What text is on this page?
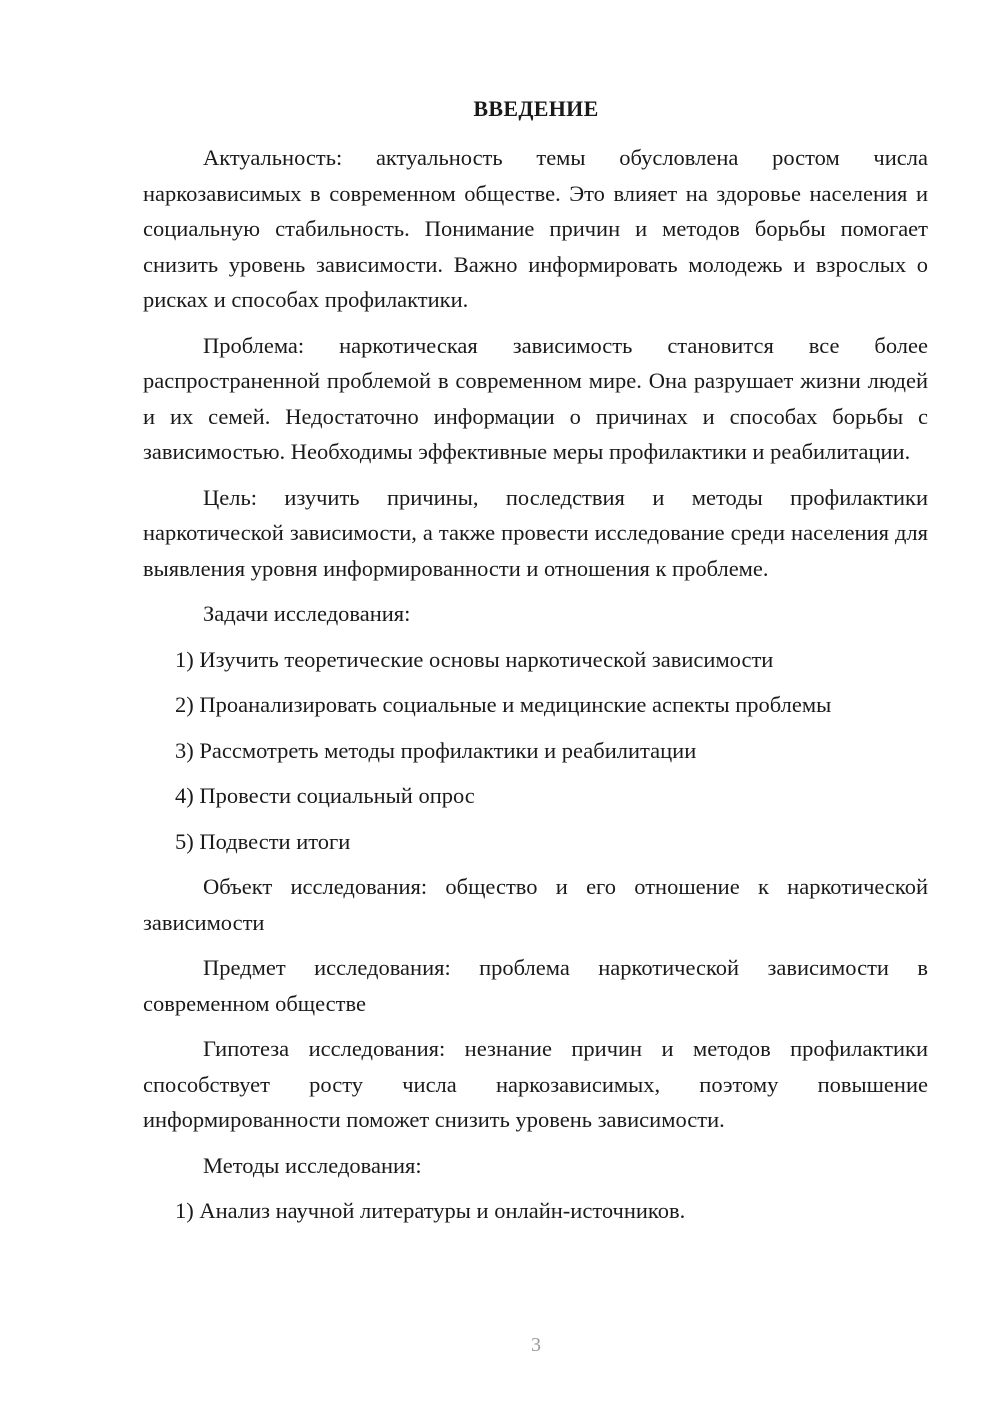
ВВЕДЕНИЕ

Актуальность: актуальность темы обусловлена ростом числа наркозависимых в современном обществе. Это влияет на здоровье населения и социальную стабильность. Понимание причин и методов борьбы помогает снизить уровень зависимости. Важно информировать молодежь и взрослых о рисках и способах профилактики.

Проблема: наркотическая зависимость становится все более распространенной проблемой в современном мире. Она разрушает жизни людей и их семей. Недостаточно информации о причинах и способах борьбы с зависимостью. Необходимы эффективные меры профилактики и реабилитации.

Цель: изучить причины, последствия и методы профилактики наркотической зависимости, а также провести исследование среди населения для выявления уровня информированности и отношения к проблеме.

Задачи исследования:

1) Изучить теоретические основы наркотической зависимости

2) Проанализировать социальные и медицинские аспекты проблемы

3) Рассмотреть методы профилактики и реабилитации

4) Провести социальный опрос

5) Подвести итоги

Объект исследования: общество и его отношение к наркотической зависимости

Предмет исследования: проблема наркотической зависимости в современном обществе

Гипотеза исследования: незнание причин и методов профилактики способствует росту числа наркозависимых, поэтому повышение информированности поможет снизить уровень зависимости.

Методы исследования:

1) Анализ научной литературы и онлайн-источников.

3
